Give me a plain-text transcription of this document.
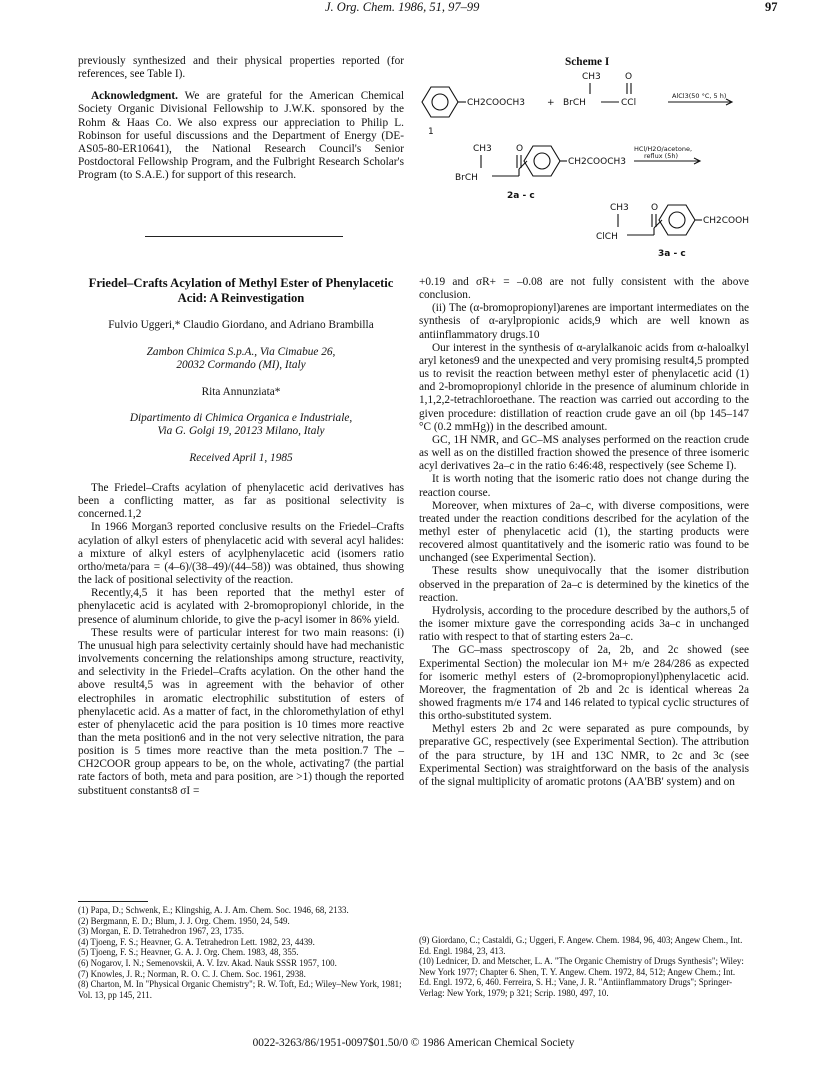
J. Org. Chem. 1986, 51, 97–99	97

previously synthesized and their physical properties reported (for references, see Table I).

Acknowledgment. We are grateful for the American Chemical Society Organic Divisional Fellowship to J.W.K. sponsored by the Rohm & Haas Co. We also express our appreciation to Philip L. Robinson for useful discussions and the Department of Energy (DE-AS05-80-ER10641), the National Research Council's Senior Postdoctoral Fellowship Program, and the Fulbright Research Scholar's Program (to S.A.E.) for support of this research.

Friedel–Crafts Acylation of Methyl Ester of Phenylacetic Acid: A Reinvestigation
Fulvio Uggeri,* Claudio Giordano, and Adriano Brambilla
Zambon Chimica S.p.A., Via Cimabue 26,
20032 Cormando (MI), Italy
Rita Annunziata*
Dipartimento di Chimica Organica e Industriale,
Via G. Golgi 19, 20123 Milano, Italy
Received April 1, 1985

The Friedel–Crafts acylation of phenylacetic acid derivatives has been a conflicting matter, as far as positional selectivity is concerned.1,2

In 1966 Morgan3 reported conclusive results on the Friedel–Crafts acylation of alkyl esters of phenylacetic acid with several acyl halides: a mixture of alkyl esters of acylphenylacetic acid (isomers ratio ortho/meta/para = (4–6)/(38–49)/(44–58)) was obtained, thus showing the lack of positional selectivity of the reaction.

Recently,4,5 it has been reported that the methyl ester of phenylacetic acid is acylated with 2-bromopropionyl chloride, in the presence of aluminum chloride, to give the p-acyl isomer in 86% yield.

These results were of particular interest for two main reasons: (i) The unusual high para selectivity certainly should have had mechanistic involvements concerning the relationships among structure, reactivity, and selectivity in the Friedel–Crafts acylation. On the other hand the above result4,5 was in agreement with the behavior of other electrophiles in aromatic electrophilic substitution of esters of phenylacetic acid. As a matter of fact, in the chloromethylation of ethyl ester of phenylacetic acid the para position is 10 times more reactive than the meta position6 and in the not very selective nitration, the para position is 5 times more reactive than the meta position.7 The –CH2COOR group appears to be, on the whole, activating7 (the partial rate factors of both, meta and para position, are >1) though the reported substituent constants8 σI =

(1) Papa, D.; Schwenk, E.; Klingshig, A. J. Am. Chem. Soc. 1946, 68, 2133.

(2) Bergmann, E. D.; Blum, J. J. Org. Chem. 1950, 24, 549.

(3) Morgan, E. D. Tetrahedron 1967, 23, 1735.

(4) Tjoeng, F. S.; Heavner, G. A. Tetrahedron Lett. 1982, 23, 4439.

(5) Tjoeng, F. S.; Heavner, G. A. J. Org. Chem. 1983, 48, 355.

(6) Nogarov, I. N.; Semenovskii, A. V. Izv. Akad. Nauk SSSR 1957, 100.

(7) Knowles, J. R.; Norman, R. O. C. J. Chem. Soc. 1961, 2938.

(8) Charton, M. In "Physical Organic Chemistry"; R. W. Toft, Ed.; Wiley–New York, 1981; Vol. 13, pp 145, 211.

Scheme I
CH2COOCH3 +
CH3	O
BrCH	CCl
1
CH3	O
BrCH
CH2COOCH3
2a - c
CH3 O
ClCH
CH2COOH
3a - c
AlCl3(50 °C, 5 h)
HCl/H2O/acetone,
reflux (5h)

+0.19 and σR+ = –0.08 are not fully consistent with the above conclusion.

(ii) The (α-bromopropionyl)arenes are important intermediates on the synthesis of α-arylpropionic acids,9 which are well known as antiinflammatory drugs.10

Our interest in the synthesis of α-arylalkanoic acids from α-haloalkyl aryl ketones9 and the unexpected and very promising result4,5 prompted us to revisit the reaction between methyl ester of phenylacetic acid (1) and 2-bromopropionyl chloride in the presence of aluminum chloride in 1,1,2,2-tetrachloroethane. The reaction was carried out according to the given procedure: distillation of reaction crude gave an oil (bp 145–147 °C (0.2 mmHg)) in the described amount.

GC, 1H NMR, and GC–MS analyses performed on the reaction crude as well as on the distilled fraction showed the presence of three isomeric acyl derivatives 2a–c in the ratio 6:46:48, respectively (see Scheme I).

It is worth noting that the isomeric ratio does not change during the reaction course.

Moreover, when mixtures of 2a–c, with diverse compositions, were treated under the reaction conditions described for the acylation of the methyl ester of phenylacetic acid (1), the starting products were recovered almost quantitatively and the isomeric ratio was found to be unchanged (see Experimental Section).

These results show unequivocally that the isomer distribution observed in the preparation of 2a–c is determined by the kinetics of the reaction.

Hydrolysis, according to the procedure described by the authors,5 of the isomer mixture gave the corresponding acids 3a–c in unchanged ratio with respect to that of starting esters 2a–c.

The GC–mass spectroscopy of 2a, 2b, and 2c showed (see Experimental Section) the molecular ion M+ m/e 284/286 as expected for isomeric methyl esters of (2-bromopropionyl)phenylacetic acid. Moreover, the fragmentation of 2b and 2c is identical whereas 2a showed fragments m/e 174 and 146 related to typical cyclic structures of this ortho-substituted system.

Methyl esters 2b and 2c were separated as pure compounds, by preparative GC, respectively (see Experimental Section). The attribution of the para structure, by 1H and 13C NMR, to 2c and 3c (see Experimental Section) was straightforward on the basis of the analysis of the signal multiplicity of aromatic protons (AA'BB' system) and on

(9) Giordano, C.; Castaldi, G.; Uggeri, F. Angew. Chem. 1984, 96, 403; Angew Chem., Int. Ed. Engl. 1984, 23, 413.

(10) Lednicer, D. and Metscher, L. A. "The Organic Chemistry of Drugs Synthesis"; Wiley: New York 1977; Chapter 6. Shen, T. Y. Angew. Chem. 1972, 84, 512; Angew Chem.; Int. Ed. Engl. 1972, 6, 460. Ferreira, S. H.; Vane, J. R. "Antiinflammatory Drugs"; Springer-Verlag: New York, 1979; p 321; Scrip. 1980, 497, 10.

0022-3263/86/1951-0097$01.50/0 © 1986 American Chemical Society
